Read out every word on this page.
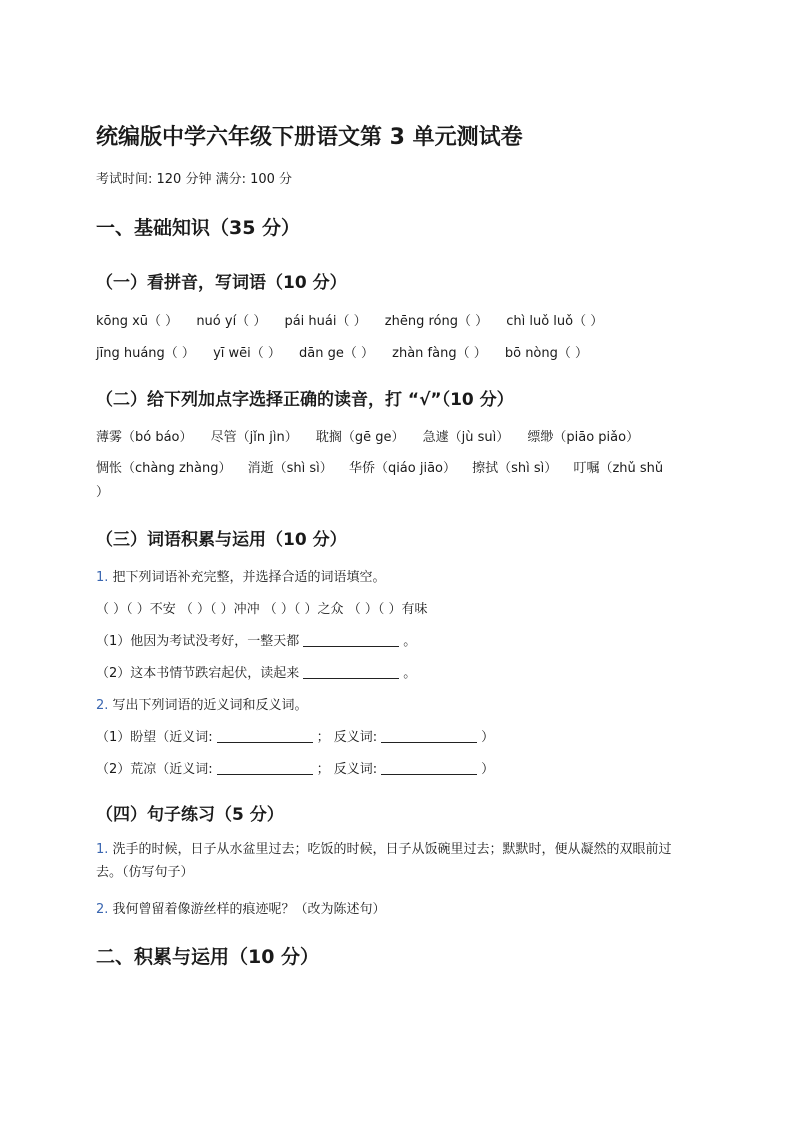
统编版中学六年级下册语文第 3 单元测试卷
考试时间: 120 分钟 满分: 100 分
一、基础知识（35 分）
（一）看拼音，写词语（10 分）
kōng xū（ ） nuó yí（ ） pái huái（ ） zhēng róng（ ） chì luǒ luǒ（ ）
jīng huáng（ ） yī wēi（ ） dān ge（ ） zhàn fàng（ ） bō nòng（ ）
（二）给下列加点字选择正确的读音，打 “√”（10 分）
薄雾（bó báo） 尽管（jǐn jìn） 耽搁（gē ge） 急遽（jù suì） 缥缈（piāo piǎo）
惆怅（chàng zhàng） 消逝（shì sì） 华侨（qiáo jiāo） 擦拭（shì sì） 叮嘱（zhǔ shǔ
）
（三）词语积累与运用（10 分）
1. 把下列词语补充完整，并选择合适的词语填空。
（ ）（ ）不安 （ ）（ ）冲冲 （ ）（ ）之众 （ ）（ ）有味
（1）他因为考试没考好，一整天都	。
（2）这本书情节跌宕起伏，读起来	。
2. 写出下列词语的近义词和反义词。
（1）盼望（近义词:	； 反义词:	）
（2）荒凉（近义词:	； 反义词:	）
（四）句子练习（5 分）
1. 洗手的时候，日子从水盆里过去；吃饭的时候，日子从饭碗里过去；默默时，便从凝然的双眼前过去。（仿写句子）
2. 我何曾留着像游丝样的痕迹呢？（改为陈述句）
二、积累与运用（10 分）
